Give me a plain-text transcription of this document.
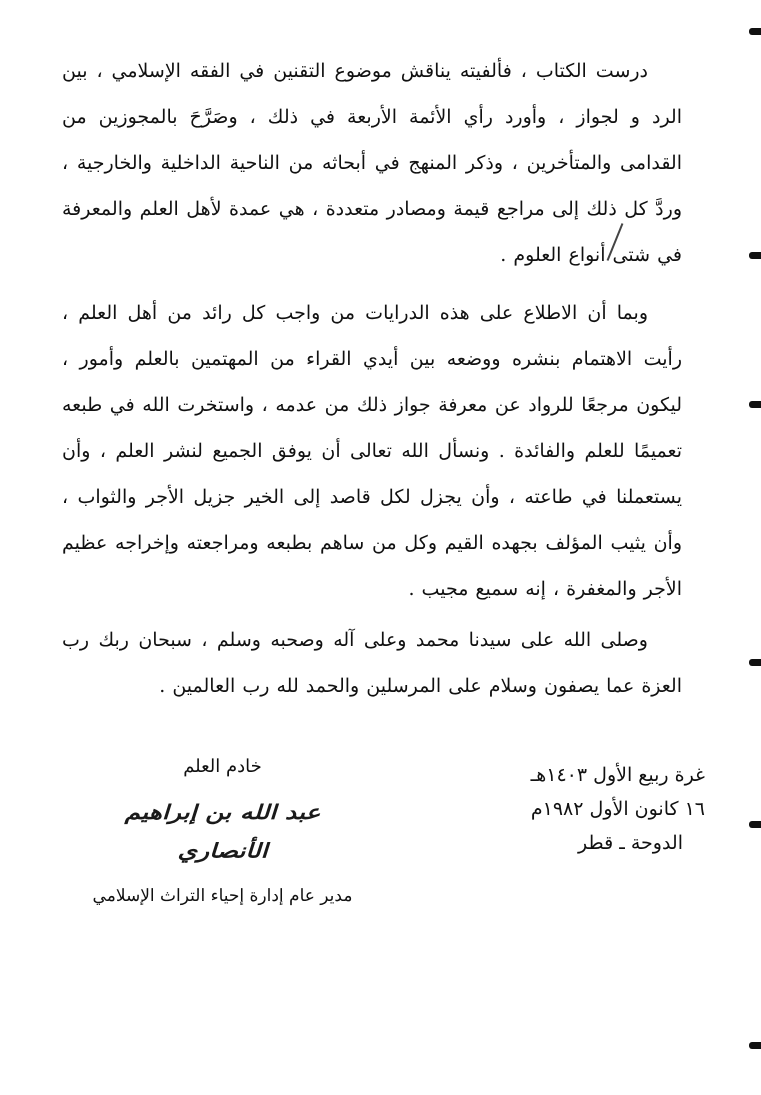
درست الكتاب ، فألفيته يناقش موضوع التقنين في الفقه الإسلامي ، بين الرد و لجواز ، وأورد رأي الأئمة الأربعة في ذلك ، وصَرَّحَ بالمجوزين من القدامى والمتأخرين ، وذكر المنهج في أبحاثه من الناحية الداخلية والخارجية ، وردَّ كل ذلك إلى مراجع قيمة ومصادر متعددة ، هي عمدة لأهل العلم والمعرفة في شتى أنواع العلوم .

وبما أن الاطلاع على هذه الدرايات من واجب كل رائد من أهل العلم ، رأيت الاهتمام بنشره ووضعه بين أيدي القراء من المهتمين بالعلم وأمور ، ليكون مرجعًا للرواد عن معرفة جواز ذلك من عدمه ، واستخرت الله في طبعه تعميمًا للعلم والفائدة . ونسأل الله تعالى أن يوفق الجميع لنشر العلم ، وأن يستعملنا في طاعته ، وأن يجزل لكل قاصد إلى الخير جزيل الأجر والثواب ، وأن يثيب المؤلف بجهده القيم وكل من ساهم بطبعه ومراجعته وإخراجه عظيم الأجر والمغفرة ، إنه سميع مجيب .

وصلى الله على سيدنا محمد وعلى آله وصحبه وسلم ، سبحان ربك رب العزة عما يصفون وسلام على المرسلين والحمد لله رب العالمين .

غرة ربيع الأول ١٤٠٣هـ
١٦ كانون الأول ١٩٨٢م
الدوحة ـ قطر
خادم العلم
عبد الله بن إبراهيم الأنصاري
مدير عام إدارة إحياء التراث الإسلامي
